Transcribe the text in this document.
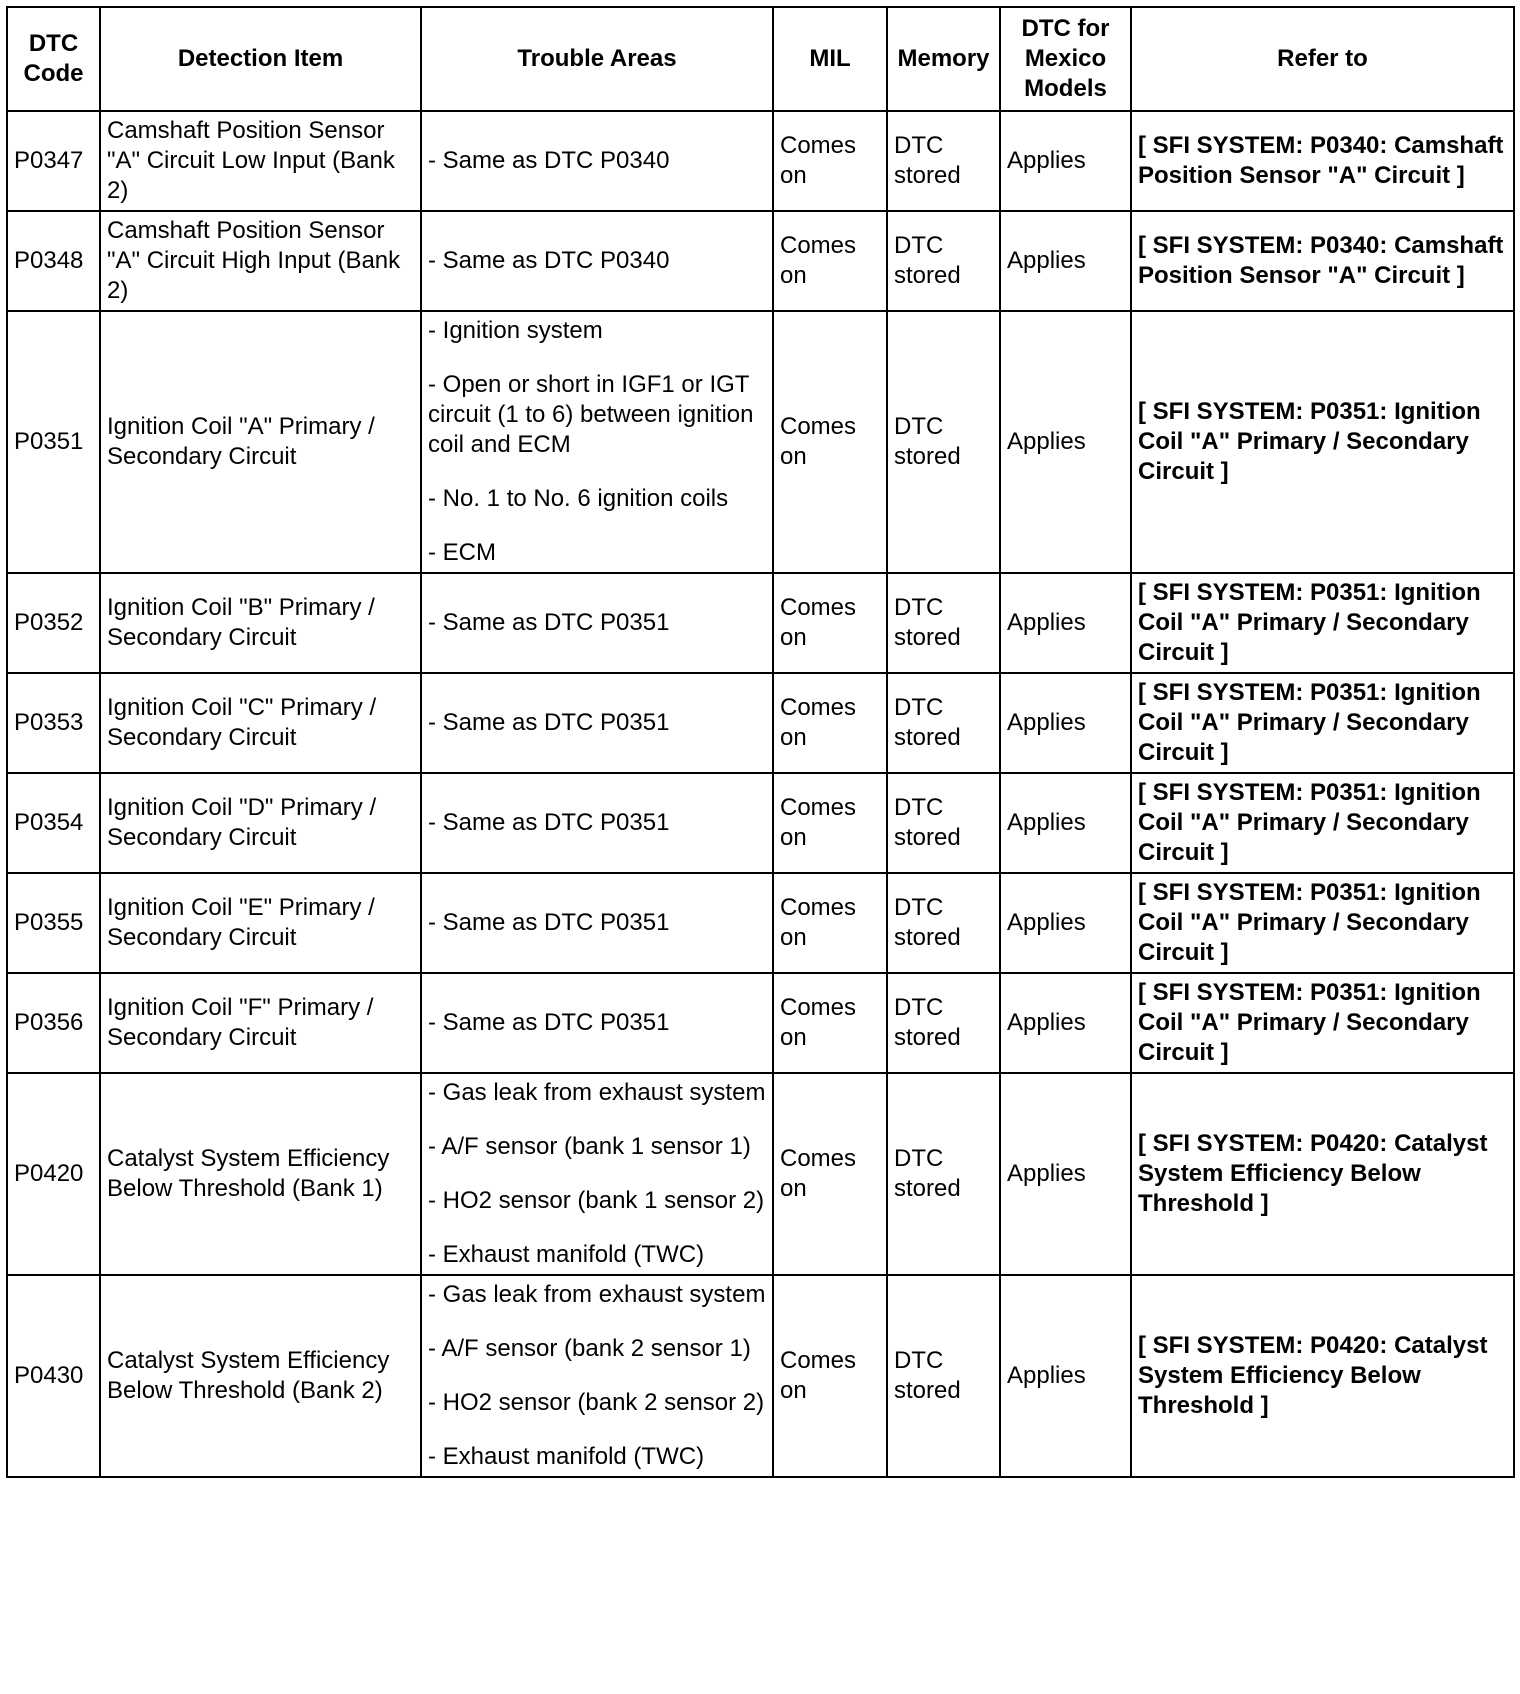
DTC Code	Detection Item	Trouble Areas	MIL	Memory	DTC for Mexico Models	Refer to
P0347	Camshaft Position Sensor "A" Circuit Low Input (Bank 2)	- Same as DTC P0340	Comes on	DTC stored	Applies	[ SFI SYSTEM: P0340: Camshaft Position Sensor "A" Circuit ]
P0348	Camshaft Position Sensor "A" Circuit High Input (Bank 2)	- Same as DTC P0340	Comes on	DTC stored	Applies	[ SFI SYSTEM: P0340: Camshaft Position Sensor "A" Circuit ]
P0351	Ignition Coil "A" Primary / Secondary Circuit	- Ignition system
- Open or short in IGF1 or IGT circuit (1 to 6) between ignition coil and ECM
- No. 1 to No. 6 ignition coils
- ECM	Comes on	DTC stored	Applies	[ SFI SYSTEM: P0351: Ignition Coil "A" Primary / Secondary Circuit ]
P0352	Ignition Coil "B" Primary / Secondary Circuit	- Same as DTC P0351	Comes on	DTC stored	Applies	[ SFI SYSTEM: P0351: Ignition Coil "A" Primary / Secondary Circuit ]
P0353	Ignition Coil "C" Primary / Secondary Circuit	- Same as DTC P0351	Comes on	DTC stored	Applies	[ SFI SYSTEM: P0351: Ignition Coil "A" Primary / Secondary Circuit ]
P0354	Ignition Coil "D" Primary / Secondary Circuit	- Same as DTC P0351	Comes on	DTC stored	Applies	[ SFI SYSTEM: P0351: Ignition Coil "A" Primary / Secondary Circuit ]
P0355	Ignition Coil "E" Primary / Secondary Circuit	- Same as DTC P0351	Comes on	DTC stored	Applies	[ SFI SYSTEM: P0351: Ignition Coil "A" Primary / Secondary Circuit ]
P0356	Ignition Coil "F" Primary / Secondary Circuit	- Same as DTC P0351	Comes on	DTC stored	Applies	[ SFI SYSTEM: P0351: Ignition Coil "A" Primary / Secondary Circuit ]
P0420	Catalyst System Efficiency Below Threshold (Bank 1)	- Gas leak from exhaust system
- A/F sensor (bank 1 sensor 1)
- HO2 sensor (bank 1 sensor 2)
- Exhaust manifold (TWC)	Comes on	DTC stored	Applies	[ SFI SYSTEM: P0420: Catalyst System Efficiency Below Threshold ]
P0430	Catalyst System Efficiency Below Threshold (Bank 2)	- Gas leak from exhaust system
- A/F sensor (bank 2 sensor 1)
- HO2 sensor (bank 2 sensor 2)
- Exhaust manifold (TWC)	Comes on	DTC stored	Applies	[ SFI SYSTEM: P0420: Catalyst System Efficiency Below Threshold ]
